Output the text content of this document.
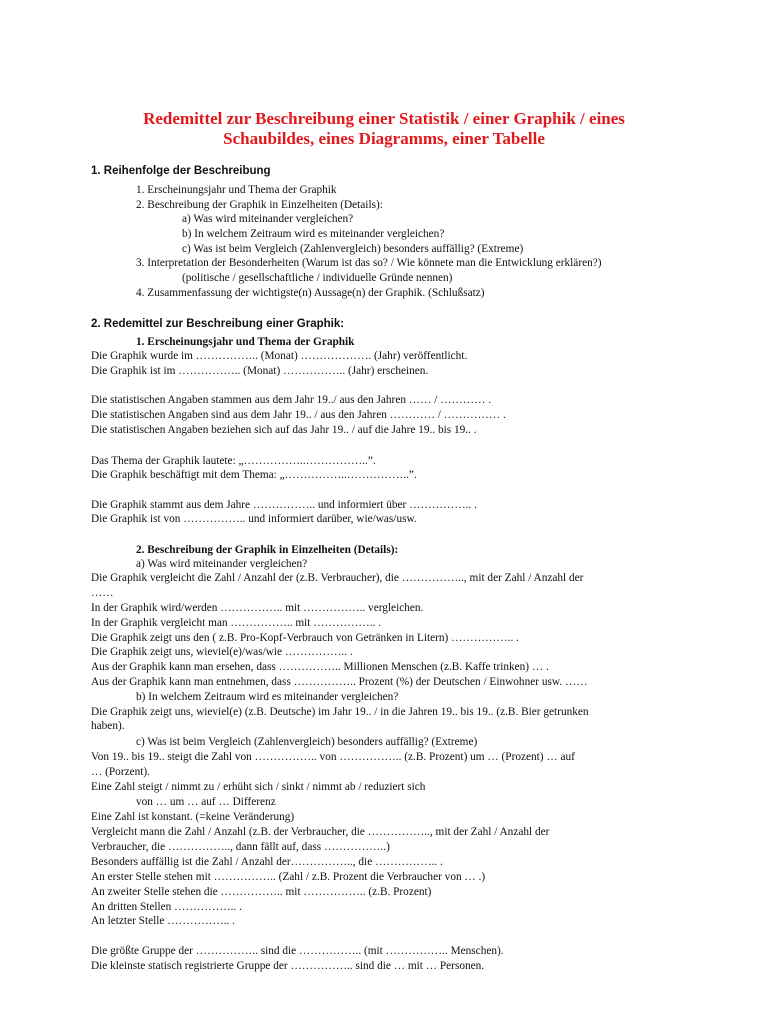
Redemittel zur Beschreibung einer Statistik / einer Graphik / eines
Schaubildes, eines Diagramms, einer Tabelle
1. Reihenfolge der Beschreibung
1. Erscheinungsjahr und Thema der Graphik
2. Beschreibung der Graphik in Einzelheiten (Details):
a) Was wird miteinander vergleichen?
b) In welchem Zeitraum wird es miteinander vergleichen?
c) Was ist beim Vergleich (Zahlenvergleich) besonders auffällig? (Extreme)
3. Interpretation der Besonderheiten (Warum ist das so? / Wie könnete man die Entwicklung erklären?)
(politische / gesellschaftliche / individuelle Gründe nennen)
4. Zusammenfassung der wichtigste(n) Aussage(n) der Graphik. (Schlußsatz)
2. Redemittel zur Beschreibung einer Graphik:
1. Erscheinungsjahr und Thema der Graphik
Die Graphik wurde im …………….. (Monat) ………………. (Jahr) veröffentlicht.
Die Graphik ist im …………….. (Monat) …………….. (Jahr) erscheinen.
Die statistischen Angaben stammen aus dem Jahr 19../ aus den Jahren …… / ………… .
Die statistischen Angaben sind aus dem Jahr 19.. / aus den Jahren ………… / …………… .
Die statistischen Angaben beziehen sich auf das Jahr 19.. / auf die Jahre 19.. bis 19.. .
Das Thema der Graphik lautete: „……………..……………..”.
Die Graphik beschäftigt mit dem Thema: „……………..……………..”.
Die Graphik stammt aus dem Jahre …………….. und informiert über …………….. .
Die Graphik ist von …………….. und informiert darüber, wie/was/usw.
2. Beschreibung der Graphik in Einzelheiten (Details):
a) Was wird miteinander vergleichen?
Die Graphik vergleicht die Zahl / Anzahl der (z.B. Verbraucher), die …………….., mit der Zahl / Anzahl der
……
In der Graphik wird/werden …………….. mit …………….. vergleichen.
In der Graphik vergleicht man …………….. mit …………….. .
Die Graphik zeigt uns den ( z.B. Pro-Kopf-Verbrauch von Getränken in Litern) …………….. .
Die Graphik zeigt uns, wieviel(e)/was/wie …………….. .
Aus der Graphik kann man ersehen, dass …………….. Millionen Menschen (z.B. Kaffe trinken) … .
Aus der Graphik kann man entnehmen, dass …………….. Prozent (%) der Deutschen / Einwohner usw. ……
b) In welchem Zeitraum wird es miteinander vergleichen?
Die Graphik zeigt uns, wieviel(e) (z.B. Deutsche) im Jahr 19.. / in die Jahren 19.. bis 19.. (z.B. Bier getrunken
haben).
c) Was ist beim Vergleich (Zahlenvergleich) besonders auffällig? (Extreme)
Von 19.. bis 19.. steigt die Zahl von …………….. von …………….. (z.B. Prozent) um … (Prozent) … auf
… (Porzent).
Eine Zahl steigt / nimmt zu / erhüht sich / sinkt / nimmt ab / reduziert sich
von … um … auf … Differenz
Eine Zahl ist konstant. (=keine Veränderung)
Vergleicht mann die Zahl / Anzahl (z.B. der Verbraucher, die …………….., mit der Zahl / Anzahl der
Verbraucher, die …………….., dann fällt auf, dass ……………..)
Besonders auffällig ist die Zahl / Anzahl der…………….., die …………….. .
An erster Stelle stehen mit …………….. (Zahl / z.B. Prozent die Verbraucher von … .)
An zweiter Stelle stehen die …………….. mit …………….. (z.B. Prozent)
An dritten Stellen …………….. .
An letzter Stelle …………….. .
Die größte Gruppe der …………….. sind die …………….. (mit …………….. Menschen).
Die kleinste statisch registrierte Gruppe der …………….. sind die … mit … Personen.
